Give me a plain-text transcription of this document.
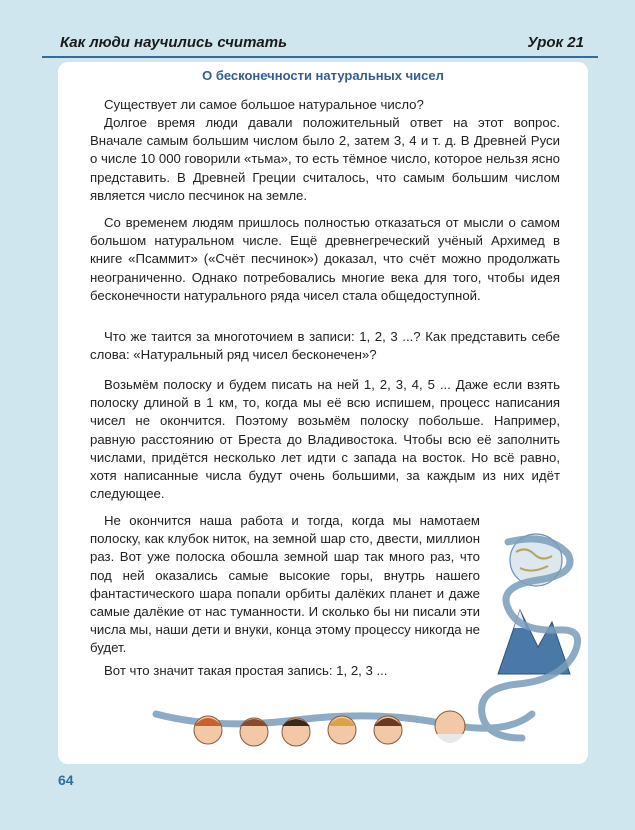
Как люди научились считать	Урок 21
О бесконечности натуральных чисел

Существует ли самое большое натуральное число?

Долгое время люди давали положительный ответ на этот вопрос. Вначале самым большим числом было 2, затем 3, 4 и т. д. В Древней Руси о числе 10 000 говорили «тьма», то есть тёмное число, которое нельзя ясно представить. В Древней Греции считалось, что самым большим числом является число песчинок на земле.

Со временем людям пришлось полностью отказаться от мысли о самом большом натуральном числе. Ещё древнегреческий учёный Архимед в книге «Псаммит» («Счёт песчинок») доказал, что счёт можно продолжать неограниченно. Однако потребовались многие века для того, чтобы идея бесконечности натурального ряда чисел стала общедоступной.

Что же таится за многоточием в записи: 1, 2, 3 ...? Как представить себе слова: «Натуральный ряд чисел бесконечен»?

Возьмём полоску и будем писать на ней 1, 2, 3, 4, 5 ... Даже если взять полоску длиной в 1 км, то, когда мы её всю испишем, процесс написания чисел не окончится. Поэтому возьмём полоску побольше. Например, равную расстоянию от Бреста до Владивостока. Чтобы всю её заполнить числами, придётся несколько лет идти с запада на восток. Но всё равно, хотя написанные числа будут очень большими, за каждым из них идёт следующее.

Не окончится наша работа и тогда, когда мы намотаем полоску, как клубок ниток, на земной шар сто, двести, миллион раз. Вот уже полоска обошла земной шар так много раз, что под ней оказались самые высокие горы, внутрь нашего фантастического шара попали орбиты далёких планет и даже самые далёкие от нас туманности. И сколько бы ни писали эти числа мы, наши дети и внуки, конца этому процессу никогда не будет.

Вот что значит такая простая запись: 1, 2, 3 ...

64
